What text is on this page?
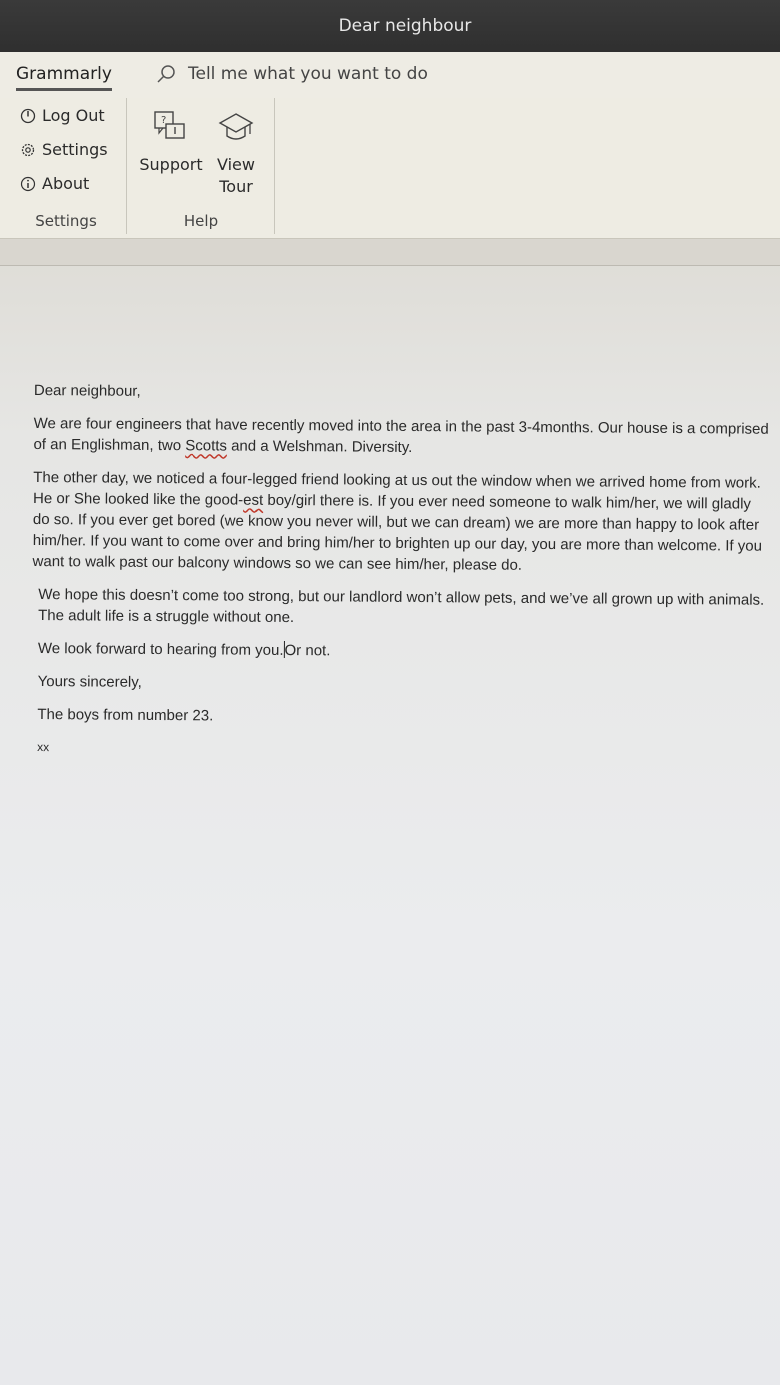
Dear neighbour
Grammarly	Tell me what you want to do
Log Out
Settings
About
Settings
?
Support View
Tour
Help

Dear neighbour,

We are four engineers that have recently moved into the area in the past 3-4months. Our house is a comprised of an Englishman, two Scotts and a Welshman. Diversity.

The other day, we noticed a four-legged friend looking at us out the window when we arrived home from work. He or She looked like the good-est boy/girl there is. If you ever need someone to walk him/her, we will gladly do so. If you ever get bored (we know you never will, but we can dream) we are more than happy to look after him/her. If you want to come over and bring him/her to brighten up our day, you are more than welcome. If you want to walk past our balcony windows so we can see him/her, please do.

We hope this doesn’t come too strong, but our landlord won’t allow pets, and we’ve all grown up with animals. The adult life is a struggle without one.

We look forward to hearing from you.Or not.

Yours sincerely,

The boys from number 23.

xx
